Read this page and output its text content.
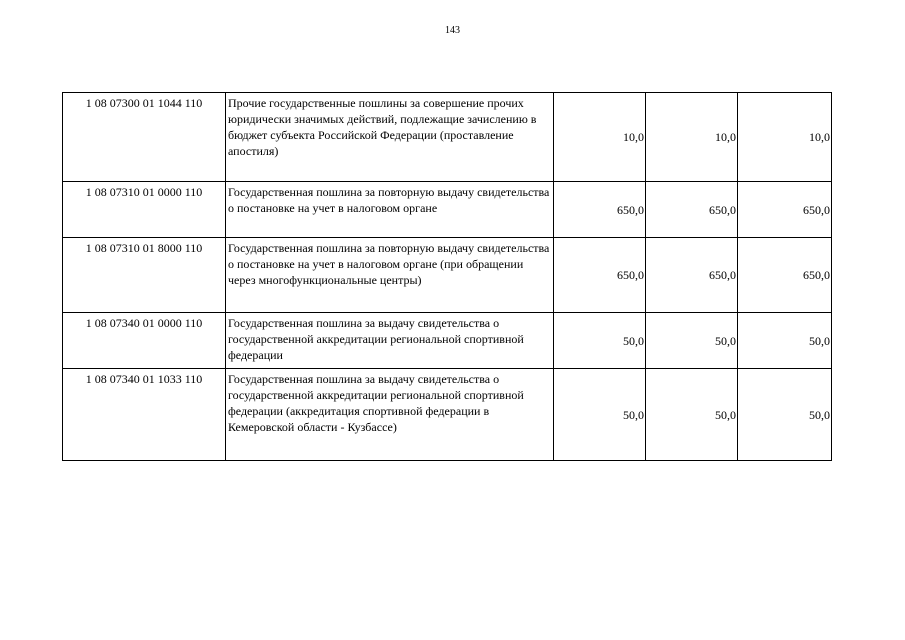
143
1 08 07300 01 1044 110	Прочие государственные пошлины за совершение прочих юридически значимых действий, подлежащие зачислению в бюджет субъекта Российской Федерации (проставление апостиля)	10,0	10,0	10,0
1 08 07310 01 0000 110	Государственная пошлина за повторную выдачу свидетельства о постановке на учет в налоговом органе	650,0	650,0	650,0
1 08 07310 01 8000 110	Государственная пошлина за повторную выдачу свидетельства о постановке на учет в налоговом органе (при обращении через многофункциональные центры)	650,0	650,0	650,0
1 08 07340 01 0000 110	Государственная пошлина за выдачу свидетельства о государственной аккредитации региональной спортивной федерации	50,0	50,0	50,0
1 08 07340 01 1033 110	Государственная пошлина за выдачу свидетельства о государственной аккредитации региональной спортивной федерации (аккредитация спортивной федерации в Кемеровской области - Кузбассе)	50,0	50,0	50,0
